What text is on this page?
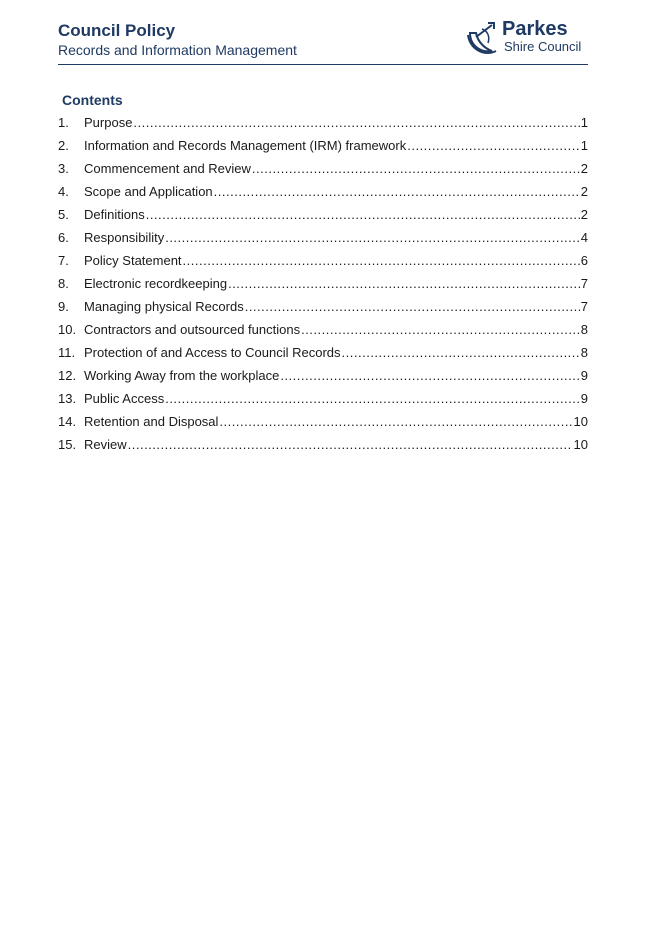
Council Policy
Records and Information Management
Parkes
Shire Council
Contents
1.	Purpose .....	1
2.	Information and Records Management (IRM) framework .....	1
3.	Commencement and Review .....	2
4.	Scope and Application .....	2
5.	Definitions .....	2
6.	Responsibility .....	4
7.	Policy Statement .....	6
8.	Electronic recordkeeping .....	7
9.	Managing physical Records .....	7
10. Contractors and outsourced functions .....	8
11. Protection of and Access to Council Records .....	8
12. Working Away from the workplace .....	9
13. Public Access .....	9
14. Retention and Disposal .....	10
15. Review .....	10
